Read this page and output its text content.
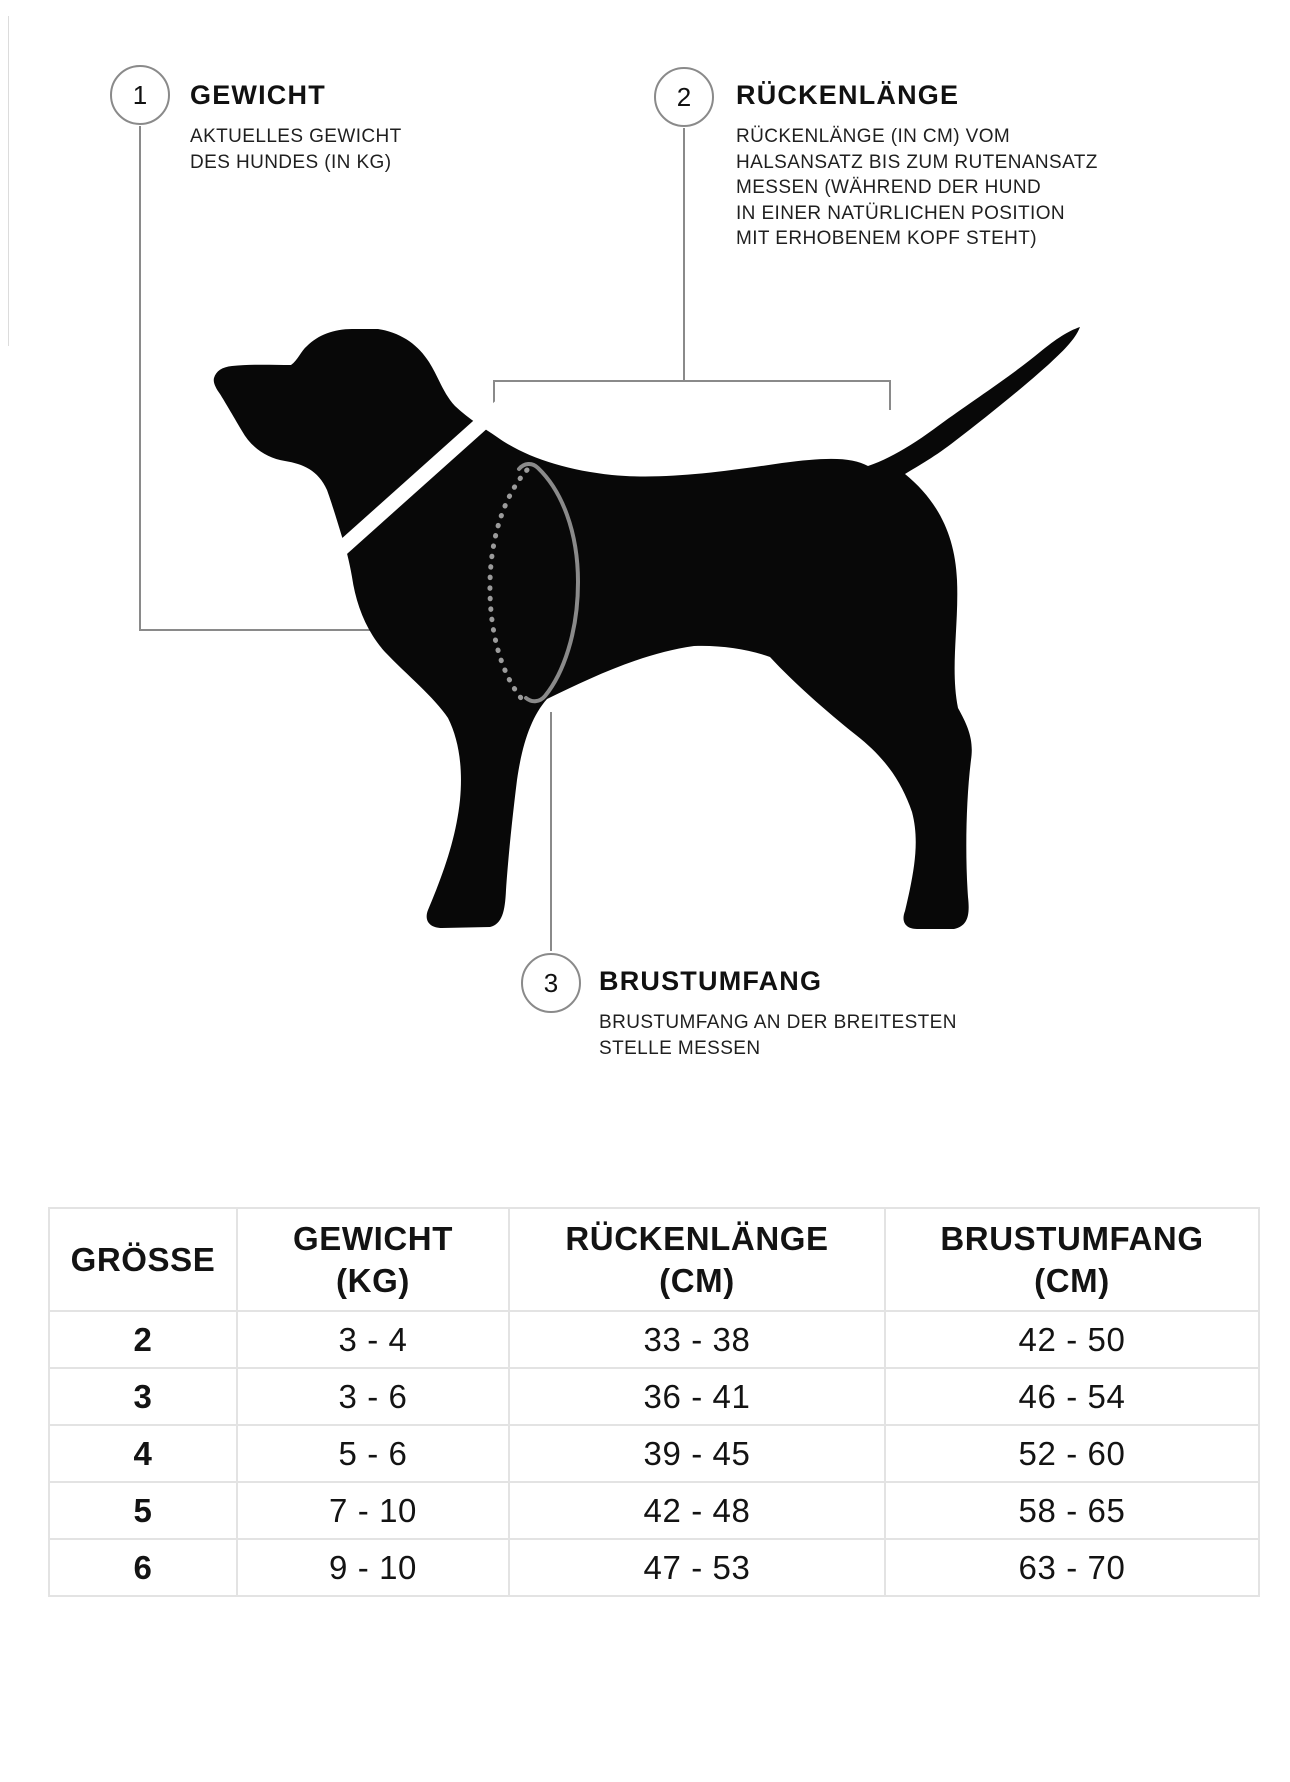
1 GEWICHT
AKTUELLES GEWICHT
DES HUNDES (IN KG)
2 RÜCKENLÄNGE
RÜCKENLÄNGE (IN CM) VOM
HALSANSATZ BIS ZUM RUTENANSATZ
MESSEN (WÄHREND DER HUND
IN EINER NATÜRLICHEN POSITION
MIT ERHOBENEM KOPF STEHT)
3 BRUSTUMFANG
BRUSTUMFANG AN DER BREITESTEN
STELLE MESSEN
GRÖSSE

GEWICHT
(KG)

RÜCKENLÄNGE
(CM)

BRUSTUMFANG
(CM)

2	3 - 4	33 - 38	42 - 50
3	3 - 6	36 - 41	46 - 54
4	5 - 6	39 - 45	52 - 60
5	7 - 10	42 - 48	58 - 65
6	9 - 10	47 - 53	63 - 70
